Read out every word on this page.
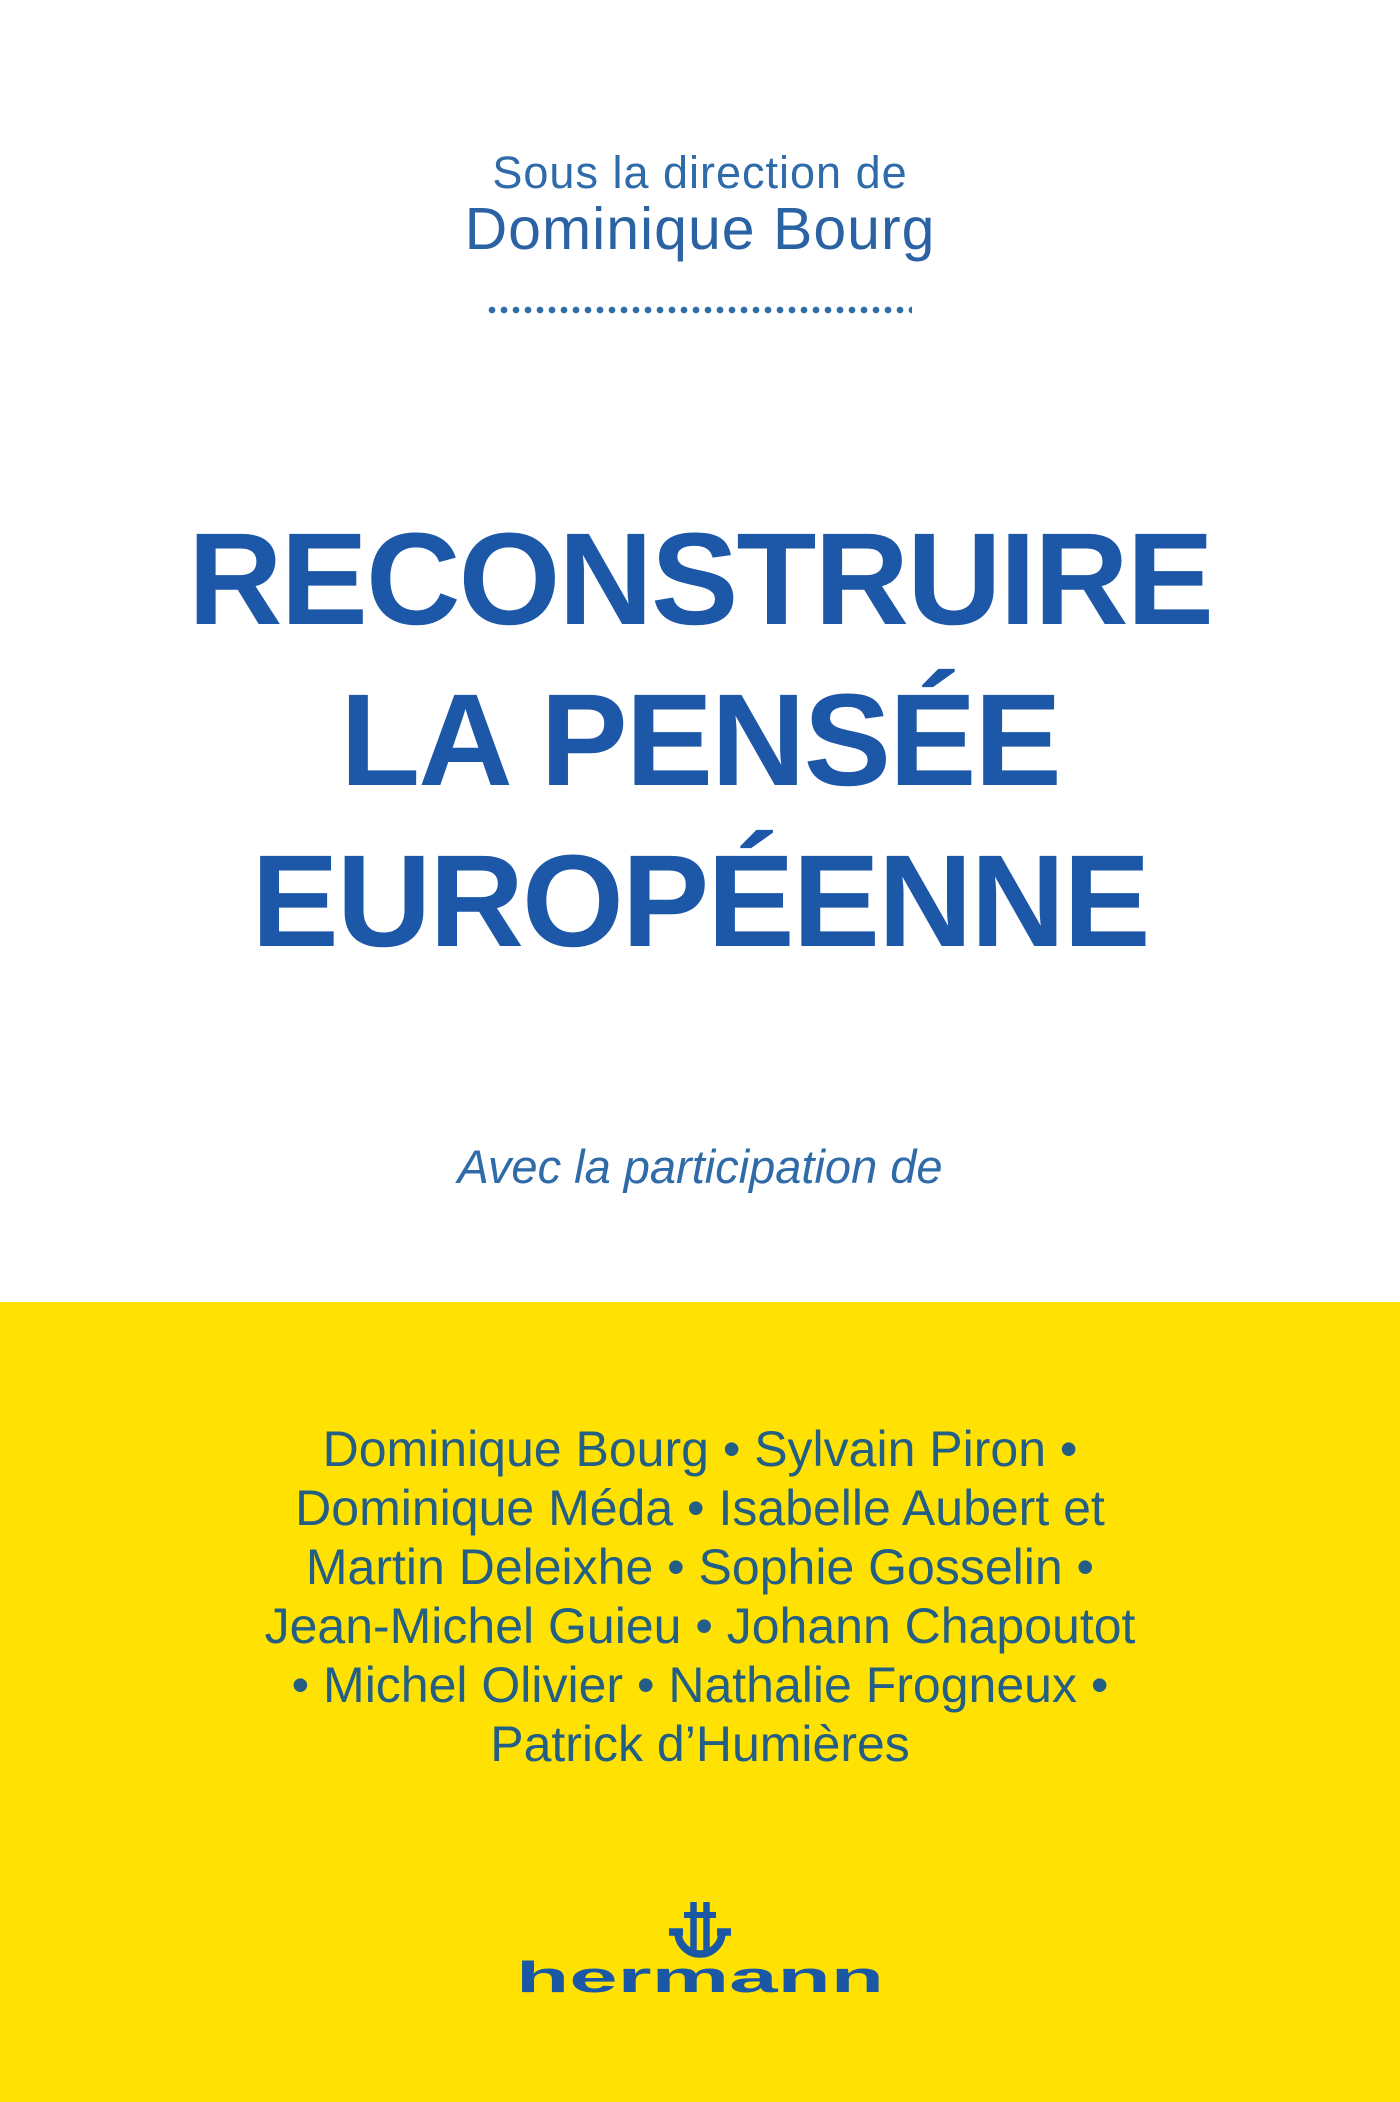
Sous la direction de
Dominique Bourg
RECONSTRUIRE
LA PENSÉE
EUROPÉENNE
Avec la participation de
Dominique Bourg • Sylvain Piron •
Dominique Méda • Isabelle Aubert et
Martin Deleixhe • Sophie Gosselin •
Jean-Michel Guieu • Johann Chapoutot
• Michel Olivier • Nathalie Frogneux •
Patrick d’Humières
hermann
